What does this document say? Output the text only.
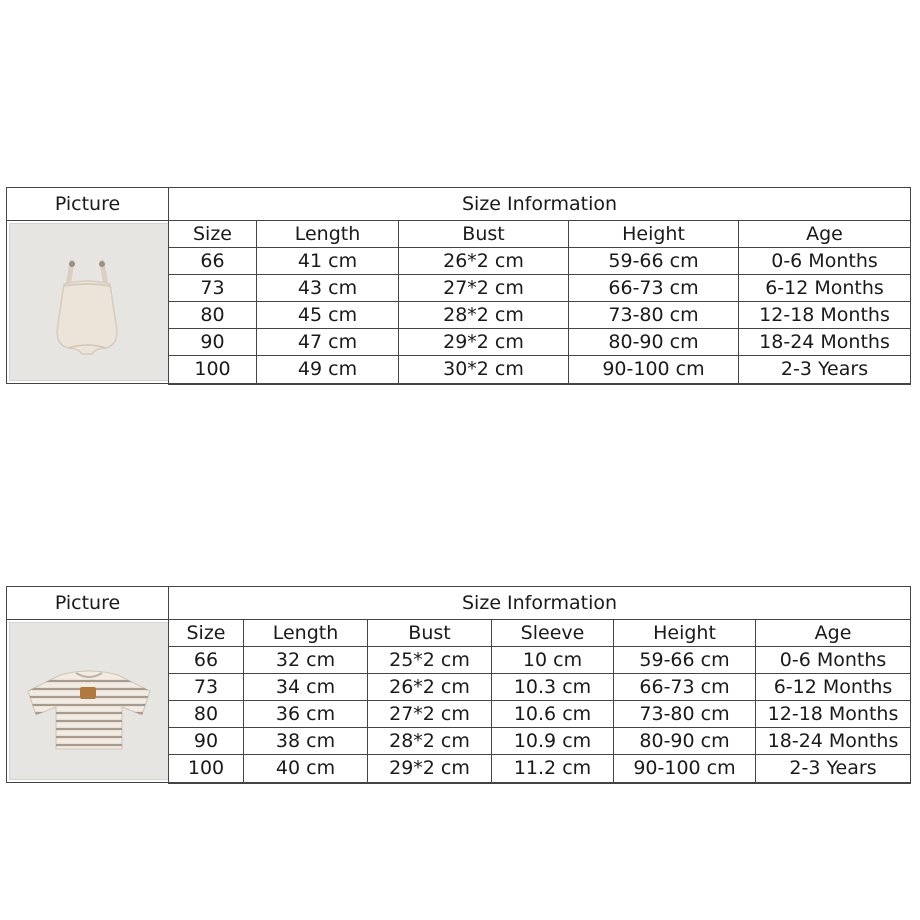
Picture	Size Information				

	Size	Length	Bust	Height	Age
	66	41 cm	26*2 cm	59-66 cm	0-6 Months
	73	43 cm	27*2 cm	66-73 cm	6-12 Months
	80	45 cm	28*2 cm	73-80 cm	12-18 Months
	90	47 cm	29*2 cm	80-90 cm	18-24 Months
	100	49 cm	30*2 cm	90-100 cm	2-3 Years
Picture	Size Information					

	Size	Length	Bust	Sleeve	Height	Age
	66	32 cm	25*2 cm	10 cm	59-66 cm	0-6 Months
	73	34 cm	26*2 cm	10.3 cm	66-73 cm	6-12 Months
	80	36 cm	27*2 cm	10.6 cm	73-80 cm	12-18 Months
	90	38 cm	28*2 cm	10.9 cm	80-90 cm	18-24 Months
	100	40 cm	29*2 cm	11.2 cm	90-100 cm	2-3 Years
